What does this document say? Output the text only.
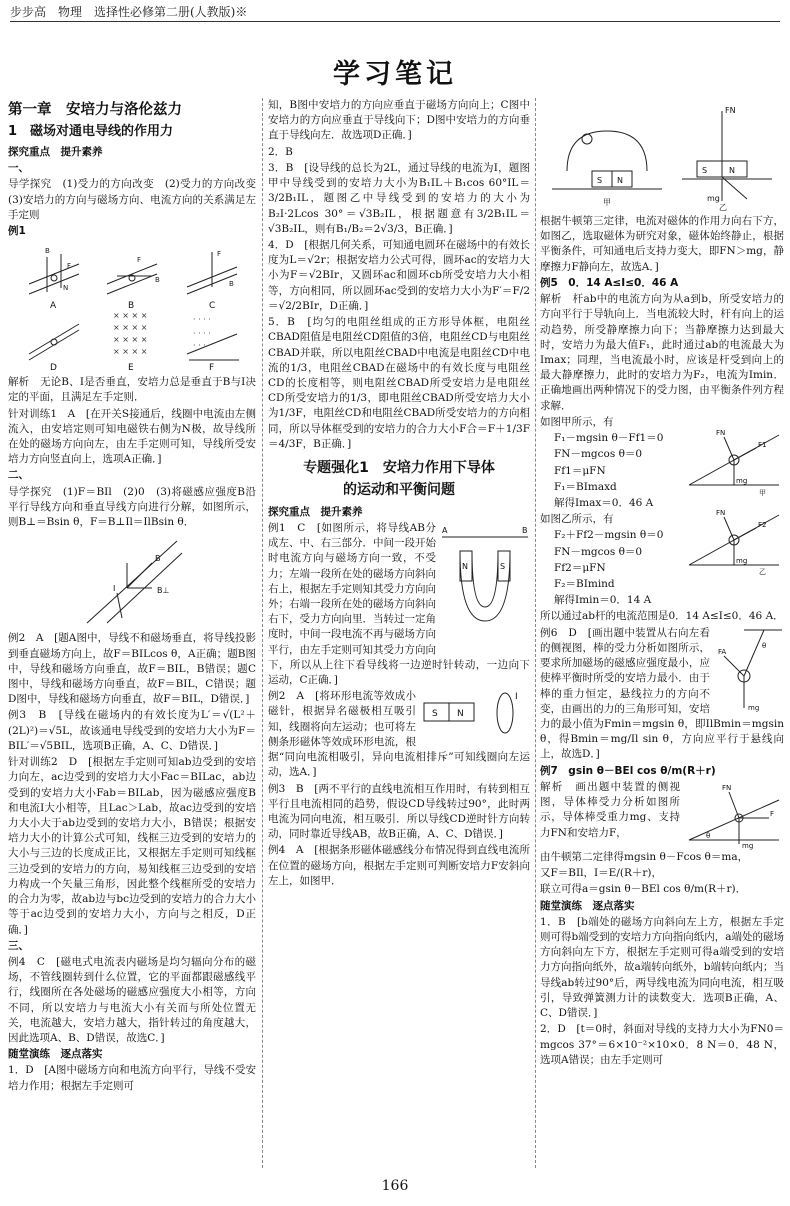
步步高　物理　选择性必修第二册(人教版)※
学习笔记
第一章　安培力与洛伦兹力
1　磁场对通电导线的作用力

探究重点　提升素养

一、

导学探究　(1)受力的方向改变　(2)受力的方向改变　(3)安培力的方向与磁场方向、电流方向的关系满足左手定则

例1

B
F
N
F
B
F
B
× × × ×
× × × ×
× × × ×
× × × ×
· · · ·
· · · ·
· · · ·
A	B	C
D	E	F

解析　无论B、I是否垂直，安培力总是垂直于B与I决定的平面，且满足左手定则．

针对训练1　A　[在开关S接通后，线圈中电流由左侧流入，由安培定则可知电磁铁右侧为N极，故导线所在处的磁场方向向左，由左手定则可知，导线所受安培力方向竖直向上，选项A正确．]

二、

导学探究　(1)F＝BIl　(2)0　(3)将磁感应强度B沿平行导线方向和垂直导线方向进行分解，如图所示，则B⊥＝Bsin θ，F＝B⊥Il＝IlBsin θ．

B
B⊥
I

例2　A　[题A图中，导线不和磁场垂直，将导线投影到垂直磁场方向上，故F＝BILcos θ，A正确；题B图中，导线和磁场方向垂直，故F＝BIL，B错误；题C图中，导线和磁场方向垂直，故F＝BIL，C错误；题D图中，导线和磁场方向垂直，故F＝BIL，D错误．]

例3　B　[导线在磁场内的有效长度为L′＝√(L²＋(2L)²)＝√5L，故该通电导线受到的安培力大小为F＝BIL′＝√5BIL，选项B正确，A、C、D错误．]

针对训练2　D　[根据左手定则可知ab边受到的安培力向左，ac边受到的安培力大小Fac＝BILac，ab边受到的安培力大小Fab＝BILab，因为磁感应强度B和电流I大小相等，且Lac＞Lab，故ac边受到的安培力大小大于ab边受到的安培力大小，B错误；根据安培力大小的计算公式可知，线框三边受到的安培力的大小与三边的长度成正比，又根据左手定则可知线框三边受到的安培力的方向，易知线框三边受到的安培力构成一个矢量三角形，因此整个线框所受的安培力的合力为零，故ab边与bc边受到的安培力的合力大小等于ac边受到的安培力大小，方向与之相反，D正确．]

三、

例4　C　[磁电式电流表内磁场是均匀辐向分布的磁场，不管线圈转到什么位置，它的平面都跟磁感线平行，线圈所在各处磁场的磁感应强度大小相等，方向不同，所以安培力与电流大小有关而与所处位置无关，电流越大，安培力越大，指针转过的角度越大，因此选项A、B、D错误，故选C．]

随堂演练　逐点落实

1．D　[A图中磁场方向和电流方向平行，导线不受安培力作用；根据左手定则可

知，B图中安培力的方向应垂直于磁场方向向上；C图中安培力的方向应垂直于导线向下；D图中安培力的方向垂直于导线向左．故选项D正确．]

2．B

3．B　[设导线的总长为2L，通过导线的电流为I，题图甲中导线受到的安培力大小为B₁IL＋B₁cos 60°IL＝3/2B₁IL，题图乙中导线受到的安培力的大小为B₂I·2Lcos 30°＝√3B₂IL，根据题意有3/2B₁IL＝√3B₂IL，则有B₁/B₂＝2√3/3，B正确．]

4．D　[根据几何关系，可知通电圆环在磁场中的有效长度为L＝√2r；根据安培力公式可得，圆环ac的安培力大小为F＝√2BIr，又圆环ac和圆环cb所受安培力大小相等，方向相同，所以圆环ac受到的安培力大小为F′＝F/2＝√2/2BIr，D正确．]

5．B　[均匀的电阻丝组成的正方形导体框，电阻丝CBAD阻值是电阻丝CD阻值的3倍，电阻丝CD与电阻丝CBAD并联，所以电阻丝CBAD中电流是电阻丝CD中电流的1/3，电阻丝CBAD在磁场中的有效长度与电阻丝CD的长度相等，则电阻丝CBAD所受安培力是电阻丝CD所受安培力的1/3，即电阻丝CBAD所受安培力大小为1/3F，电阻丝CD和电阻丝CBAD所受安培力的方向相同，所以导体框受到的安培力的合力大小F合＝F＋1/3F＝4/3F，B正确．]

专题强化1　安培力作用下导体
的运动和平衡问题

探究重点　提升素养

A	B
N	S

例1　C　[如图所示，将导线AB分成左、中、右三部分．中间一段开始时电流方向与磁场方向一致，不受力；左端一段所在处的磁场方向斜向右上，根据左手定则知其受力方向向外；右端一段所在处的磁场方向斜向右下，受力方向向里．当转过一定角度时，中间一段电流不再与磁场方向平行，由左手定则可知其受力方向向下，所以从上往下看导线将一边逆时针转动，一边向下运动，C正确．]

S N
I

例2　A　[将环形电流等效成小磁针，根据异名磁极相互吸引知，线圈将向左运动；也可将左侧条形磁体等效成环形电流，根据“同向电流相吸引，异向电流相排斥”可知线圈向左运动，选A．]

例3　B　[两不平行的直线电流相互作用时，有转到相互平行且电流相同的趋势，假设CD导线转过90°，此时两电流为同向电流，相互吸引．所以导线CD逆时针方向转动，同时靠近导线AB，故B正确，A、C、D错误．]

例4　A　[根据条形磁体磁感线分布情况得到直线电流所在位置的磁场方向，根据左手定则可判断安培力F安斜向左上，如图甲．

S N
S	N
FN
mg
甲
乙

根据牛顿第三定律，电流对磁体的作用力向右下方，如图乙，选取磁体为研究对象，磁体始终静止，根据平衡条件，可知通电后支持力变大，即FN＞mg，静摩擦力F静向左，故选A．]

例5　0．14 A≤I≤0．46 A

解析　杆ab中的电流方向为从a到b，所受安培力的方向平行于导轨向上．当电流较大时，杆有向上的运动趋势，所受静摩擦力向下；当静摩擦力达到最大时，安培力为最大值F₁，此时通过ab的电流最大为Imax；同理，当电流最小时，应该是杆受到向上的最大静摩擦力，此时的安培力为F₂，电流为Imin．正确地画出两种情况下的受力图，由平衡条件列方程求解．

FN
F1
mg
FN
F2
mg
甲
乙

如图甲所示，有

F₁－mgsin θ－Ff1＝0

FN－mgcos θ＝0

Ff1＝μFN

F₁＝BImaxd

解得Imax＝0．46 A

如图乙所示，有

F₂＋Ff2－mgsin θ＝0

FN－mgcos θ＝0

Ff2＝μFN

F₂＝BImind

解得Imin＝0．14 A

所以通过ab杆的电流范围是0．14 A≤I≤0．46 A．

FA
mg
θ

例6　D　[画出题中装置从右向左看的侧视图，棒的受力分析如图所示，要求所加磁场的磁感应强度最小，应使棒平衡时所受的安培力最小．由于棒的重力恒定，悬线拉力的方向不变，由画出的力的三角形可知，安培力的最小值为Fmin＝mgsin θ，即IlBmin＝mgsin θ，得Bmin＝mg/Il sin θ，方向应平行于悬线向上，故选D．]

例7　gsin θ－BEl cos θ/m(R＋r)

FN
F
mg
θ

解析　画出题中装置的侧视图，导体棒受力分析如图所示，导体棒受重力mg、支持力FN和安培力F，

由牛顿第二定律得mgsin θ－Fcos θ＝ma，

又F＝BIl，I＝E/(R＋r)，

联立可得a＝gsin θ－BEl cos θ/m(R＋r)．

随堂演练　逐点落实

1．B　[b端处的磁场方向斜向左上方，根据左手定则可得b端受到的安培力方向指向纸内，a端处的磁场方向斜向左下方，根据左手定则可得a端受到的安培力方向指向纸外，故a端转向纸外，b端转向纸内；当导线ab转过90°后，两导线电流为同向电流，相互吸引，导致弹簧测力计的读数变大．选项B正确，A、C、D错误．]

2．D　[t＝0时，斜面对导线的支持力大小为FN0＝mgcos 37°＝6×10⁻²×10×0．8 N＝0．48 N，选项A错误；由左手定则可

166
